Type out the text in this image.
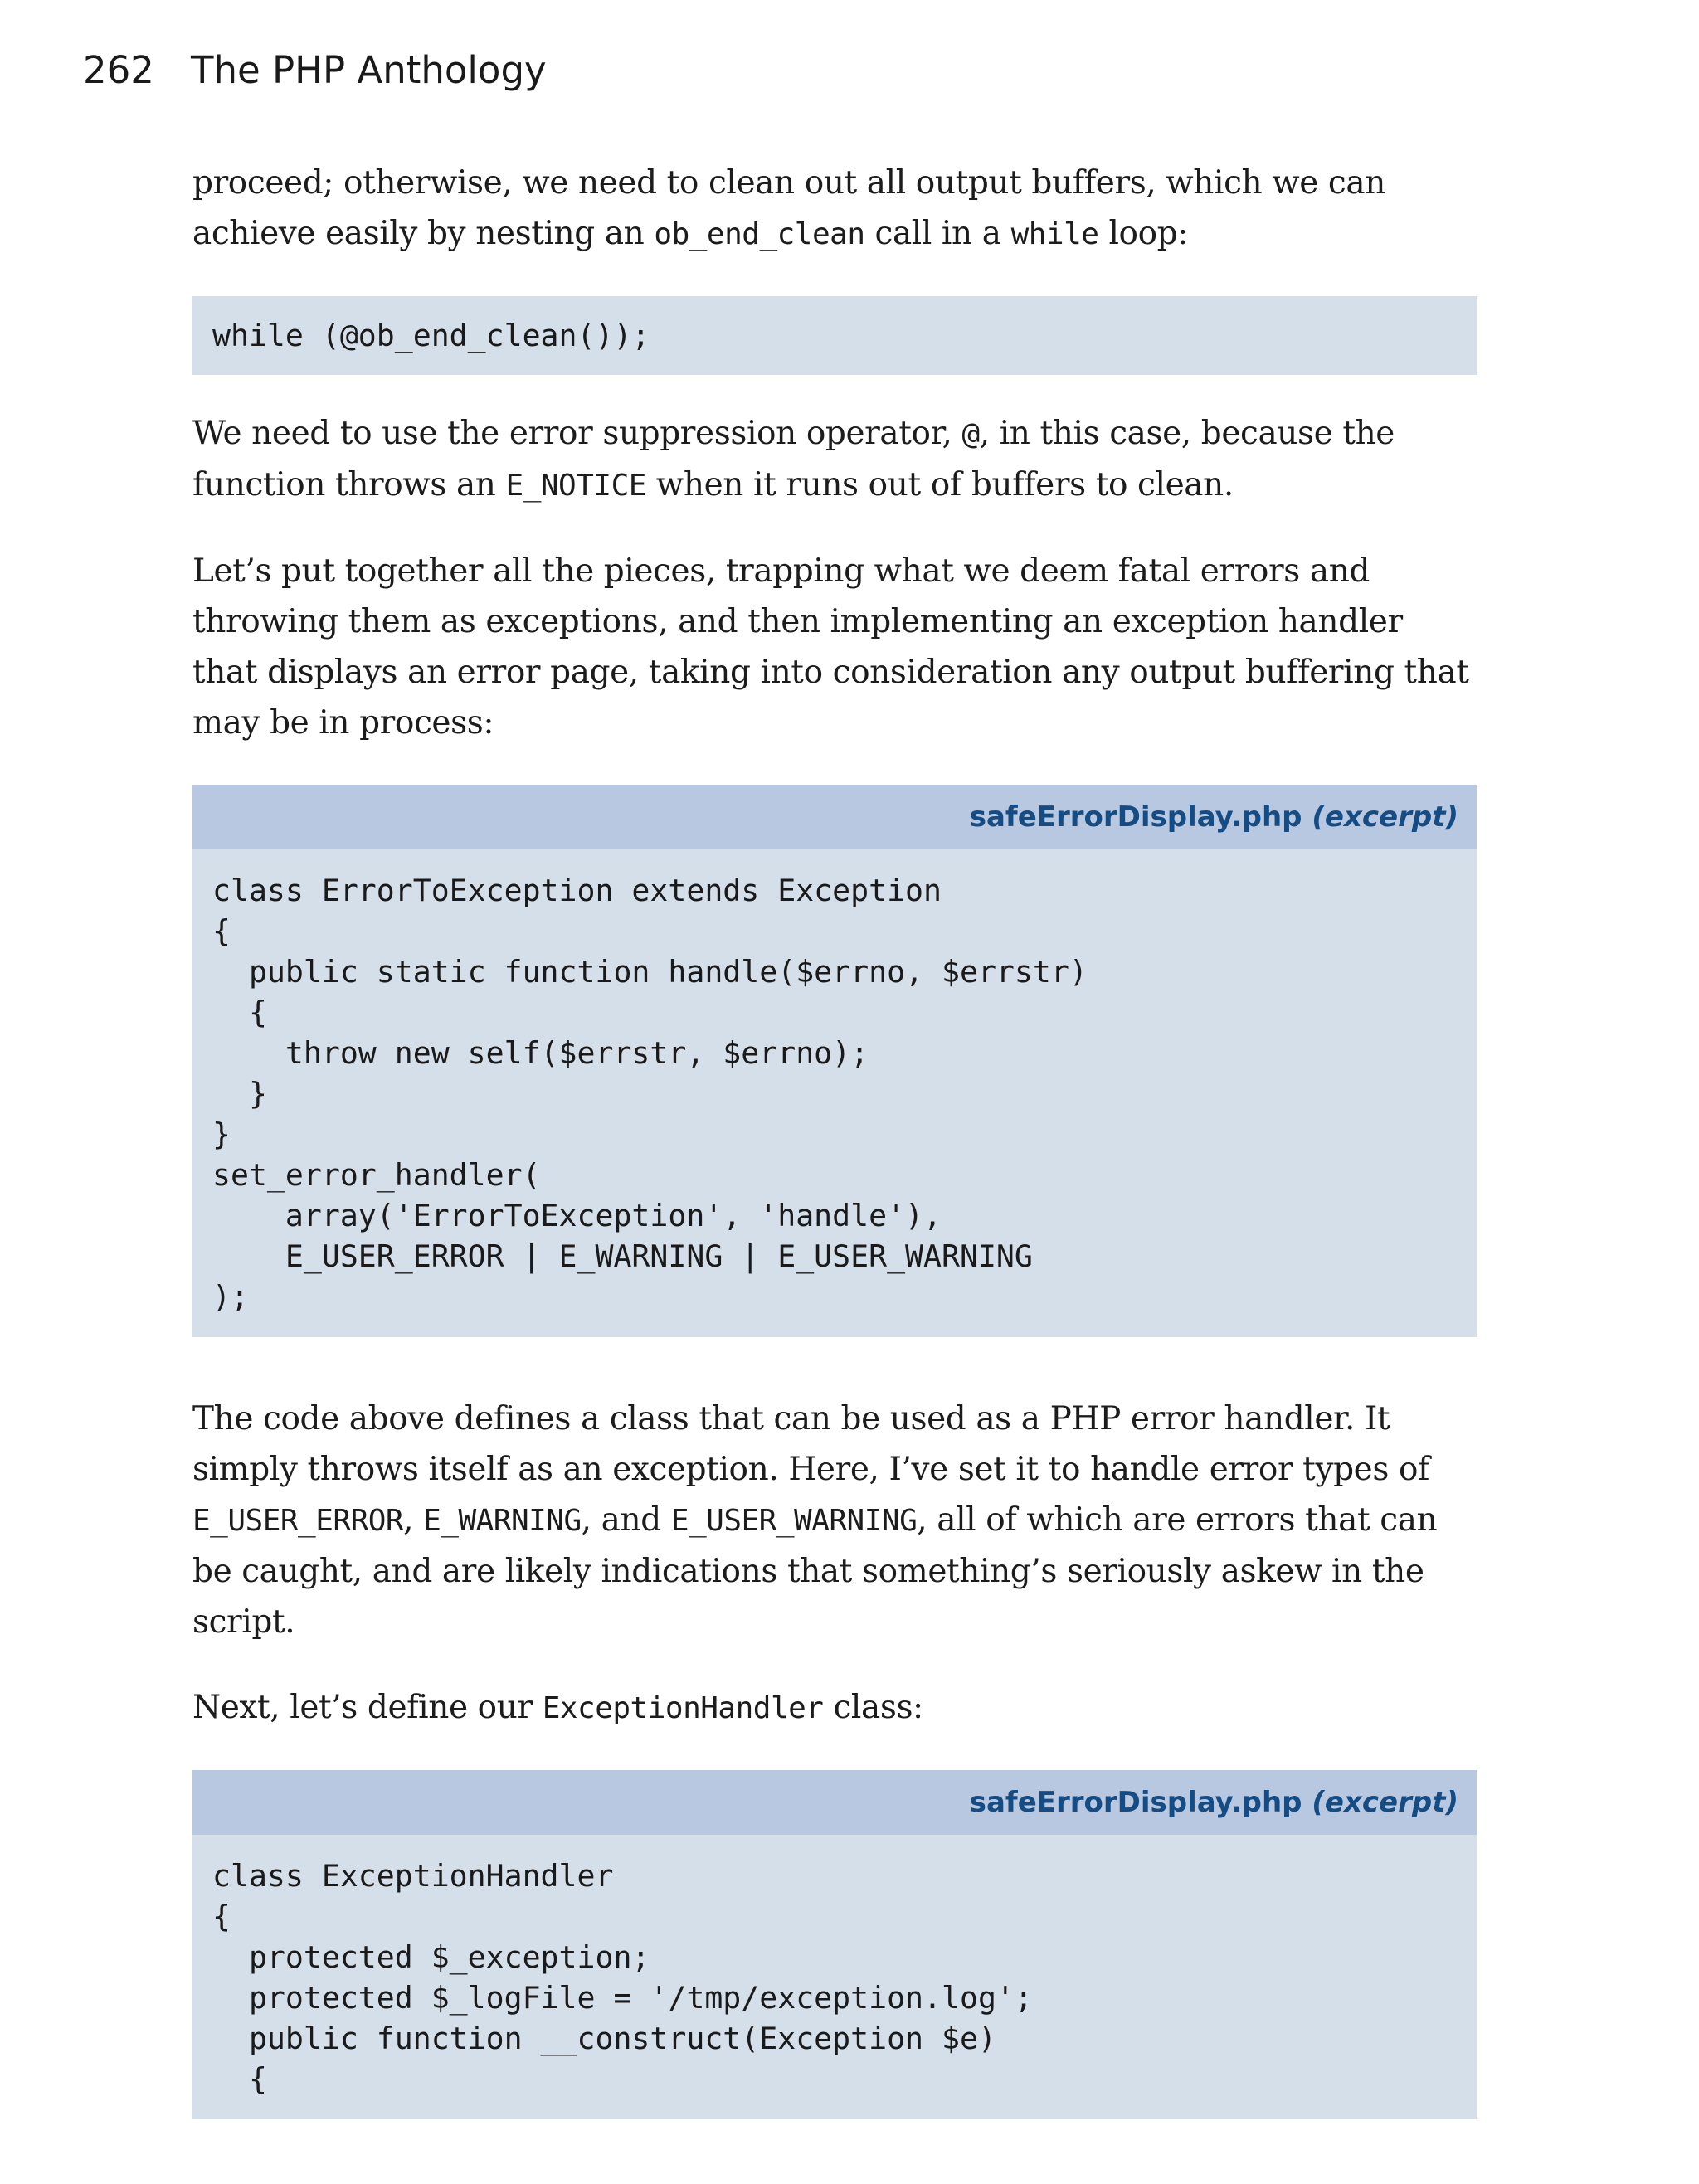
262 The PHP Anthology

proceed; otherwise, we need to clean out all output buffers, which we can achieve easily by nesting an ob_end_clean call in a while loop:

while (@ob_end_clean());

We need to use the error suppression operator, @, in this case, because the function throws an E_NOTICE when it runs out of buffers to clean.

Let’s put together all the pieces, trapping what we deem fatal errors and throwing them as exceptions, and then implementing an exception handler that displays an error page, taking into consideration any output buffering that may be in process:

safeErrorDisplay.php (excerpt)
class ErrorToException extends Exception
{
public static function handle($errno, $errstr)
{
throw new self($errstr, $errno);
}
}
set_error_handler(
array('ErrorToException', 'handle'),
E_USER_ERROR | E_WARNING | E_USER_WARNING
);

The code above defines a class that can be used as a PHP error handler. It simply throws itself as an exception. Here, I’ve set it to handle error types of E_USER_ERROR, E_WARNING, and E_USER_WARNING, all of which are errors that can be caught, and are likely indications that something’s seriously askew in the script.

Next, let’s define our ExceptionHandler class:

safeErrorDisplay.php (excerpt)
class ExceptionHandler
{
protected $_exception;
protected $_logFile = '/tmp/exception.log';
public function __construct(Exception $e)
{
